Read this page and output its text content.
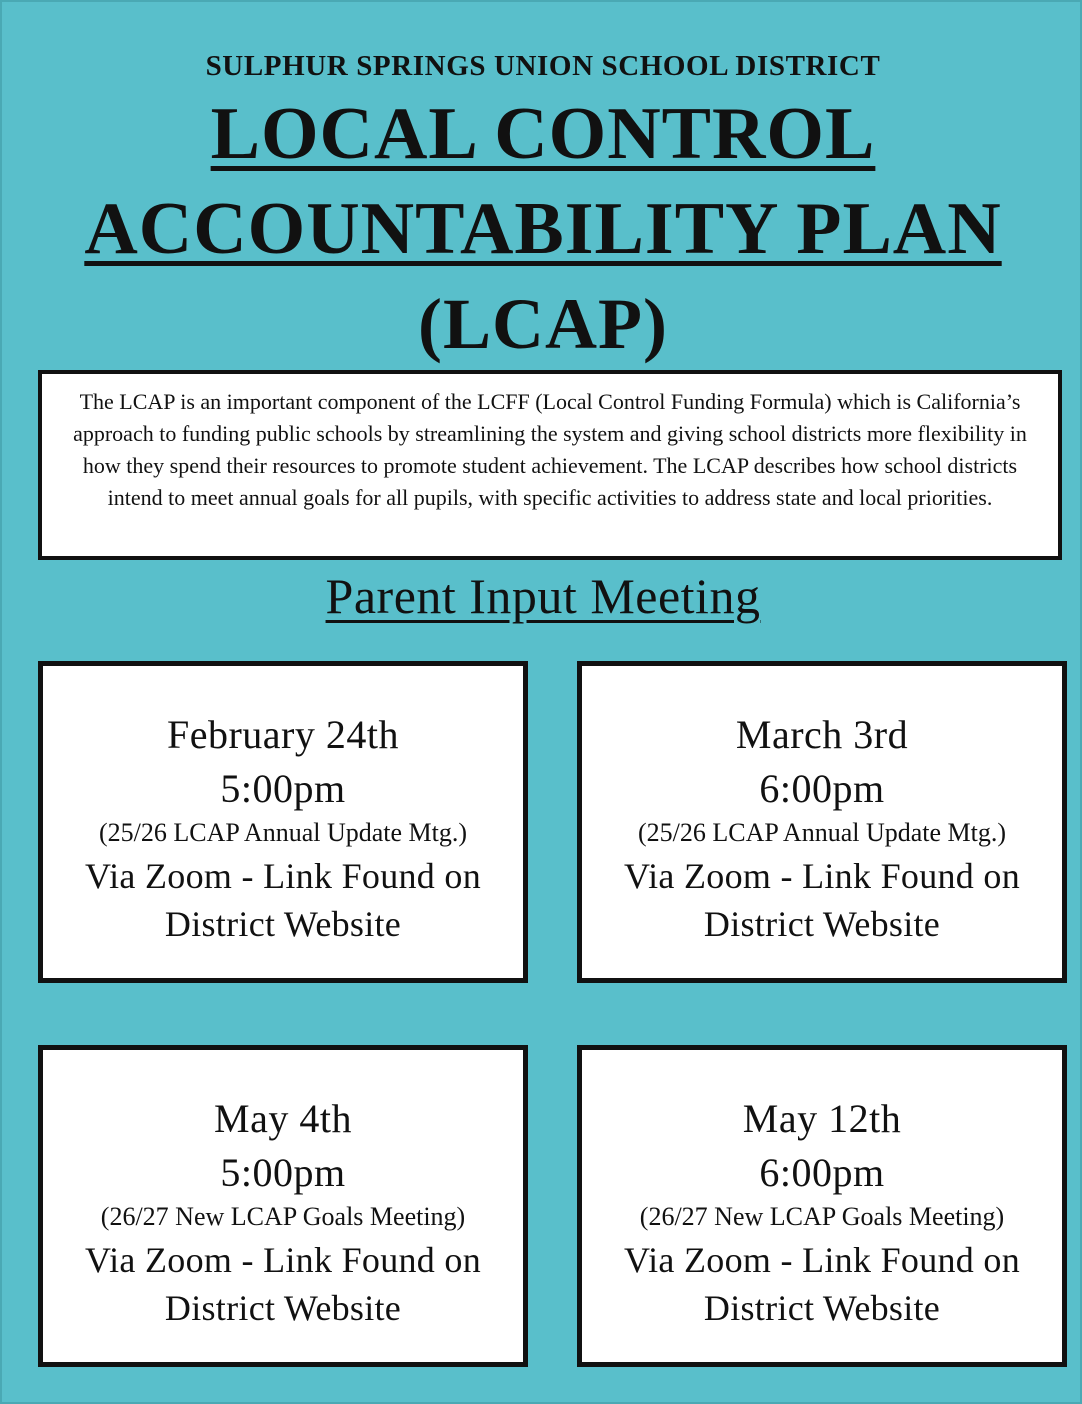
SULPHUR SPRINGS UNION SCHOOL DISTRICT
LOCAL CONTROL
ACCOUNTABILITY PLAN
(LCAP)
The LCAP is an important component of the LCFF (Local Control Funding Formula) which is California’s approach to funding public schools by streamlining the system and giving school districts more flexibility in how they spend their resources to promote student achievement. The LCAP describes how school districts intend to meet annual goals for all pupils, with specific activities to address state and local priorities.
Parent Input Meeting
February 24th
5:00pm
(25/26 LCAP Annual Update Mtg.)
Via Zoom - Link Found on
District Website
March 3rd
6:00pm
(25/26 LCAP Annual Update Mtg.)
Via Zoom - Link Found on
District Website
May 4th
5:00pm
(26/27 New LCAP Goals Meeting)
Via Zoom - Link Found on
District Website
May 12th
6:00pm
(26/27 New LCAP Goals Meeting)
Via Zoom - Link Found on
District Website
